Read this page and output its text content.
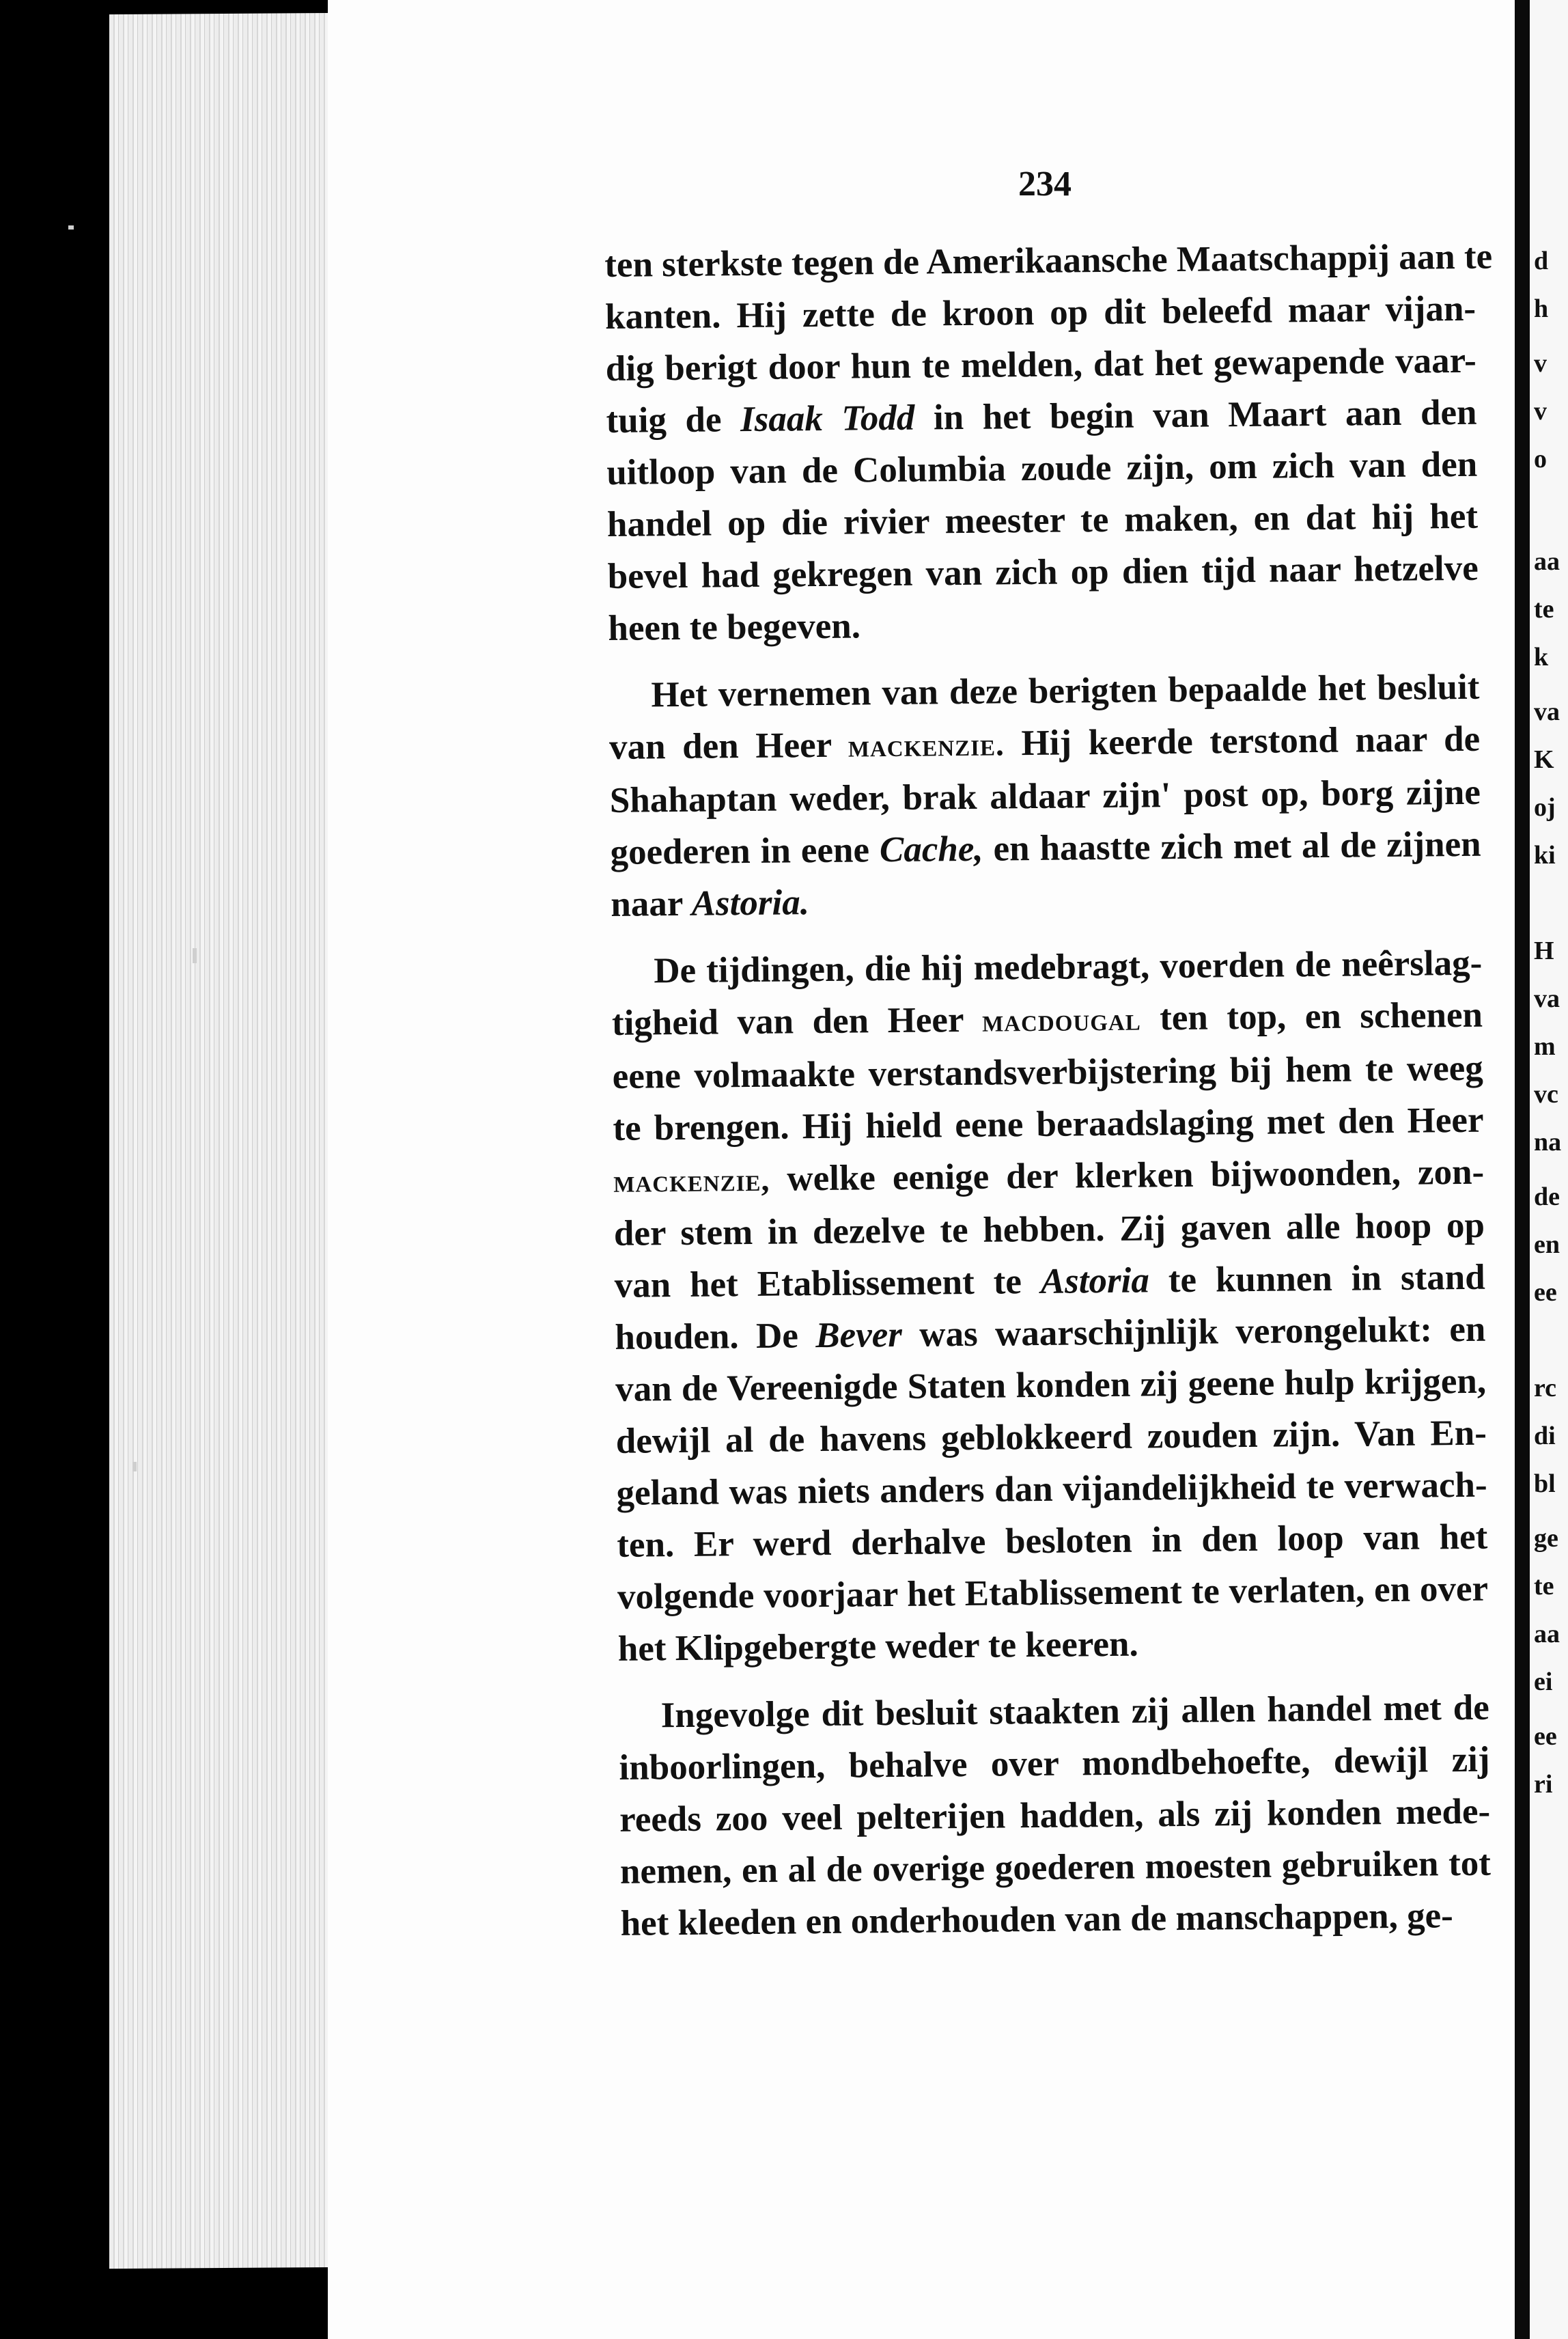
d
h
v
v
o
aa
te
k
va
K
oj
ki
H
va
m
vc
na
de
en
ee
rc
di
bl
ge
te
aa
ei
ee
ri
234
ten sterkste tegen de Amerikaansche Maatschappij aan te
kanten. Hij zette de kroon op dit beleefd maar vijan-
dig berigt door hun te melden, dat het gewapende vaar-
tuig de Isaak Todd in het begin van Maart aan den
uitloop van de Columbia zoude zijn, om zich van den
handel op die rivier meester te maken, en dat hij het
bevel had gekregen van zich op dien tijd naar hetzelve
heen te begeven.
Het vernemen van deze berigten bepaalde het besluit
van den Heer mackenzie. Hij keerde terstond naar de
Shahaptan weder, brak aldaar zijn' post op, borg zijne
goederen in eene Cache, en haastte zich met al de zijnen
naar Astoria.
De tijdingen, die hij medebragt, voerden de neêrslag-
tigheid van den Heer macdougal ten top, en schenen
eene volmaakte verstandsverbijstering bij hem te weeg
te brengen. Hij hield eene beraadslaging met den Heer
mackenzie, welke eenige der klerken bijwoonden, zon-
der stem in dezelve te hebben. Zij gaven alle hoop op
van het Etablissement te Astoria te kunnen in stand
houden. De Bever was waarschijnlijk verongelukt: en
van de Vereenigde Staten konden zij geene hulp krijgen,
dewijl al de havens geblokkeerd zouden zijn. Van En-
geland was niets anders dan vijandelijkheid te verwach-
ten. Er werd derhalve besloten in den loop van het
volgende voorjaar het Etablissement te verlaten, en over
het Klipgebergte weder te keeren.
Ingevolge dit besluit staakten zij allen handel met de
inboorlingen, behalve over mondbehoefte, dewijl zij
reeds zoo veel pelterijen hadden, als zij konden mede-
nemen, en al de overige goederen moesten gebruiken tot
het kleeden en onderhouden van de manschappen, ge-
